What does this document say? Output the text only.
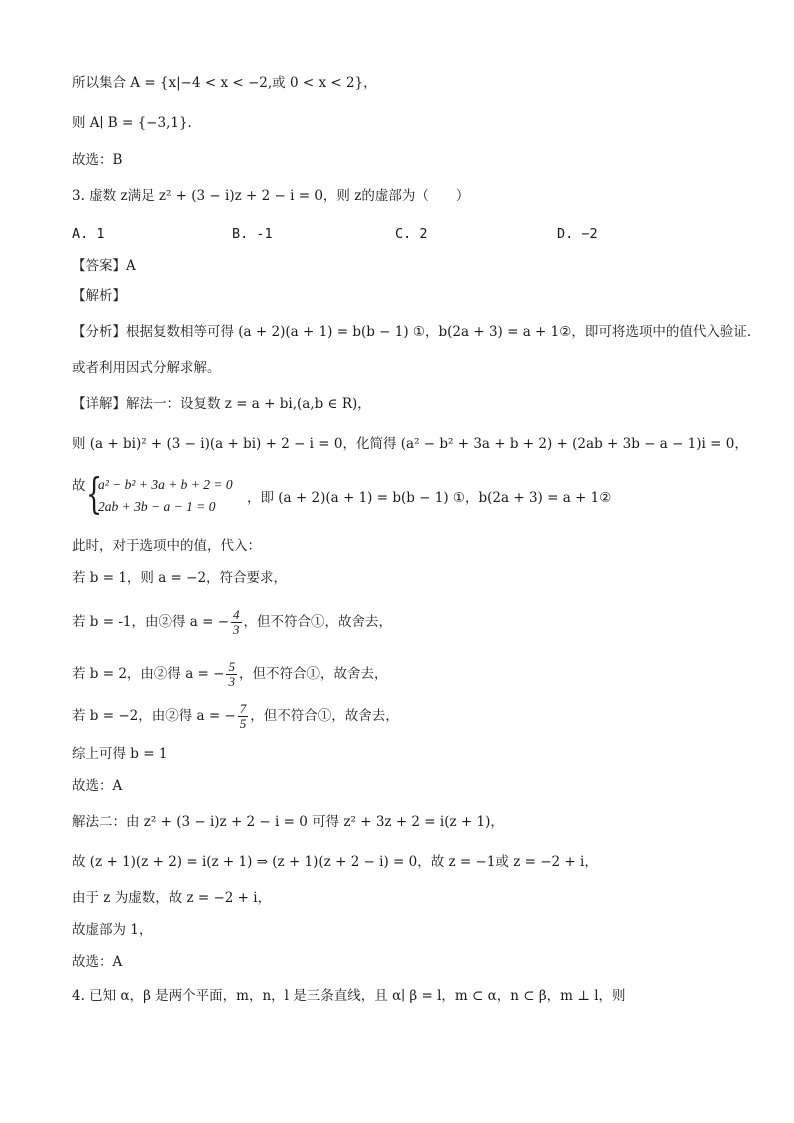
所以集合 A = {x|−4 < x < −2,或 0 < x < 2}，
则 A∣ B = {−3,1}.
故选：B
3. 虚数 z满足 z² + (3 − i)z + 2 − i = 0，则 z的虚部为（　　）
A. 1	B. -1	C. 2	D. −2
【答案】A
【解析】
【分析】根据复数相等可得 (a + 2)(a + 1) = b(b − 1) ①，b(2a + 3) = a + 1②，即可将选项中的值代入验证.
或者利用因式分解求解。
【详解】解法一：设复数 z = a + bi,(a,b ∈ R)，
则 (a + bi)² + (3 − i)(a + bi) + 2 − i = 0，化简得 (a² − b² + 3a + b + 2) + (2ab + 3b − a − 1)i = 0，
故 {
a² − b² + 3a + b + 2 = 0
2ab + 3b − a − 1 = 0
，即 (a + 2)(a + 1) = b(b − 1) ①，b(2a + 3) = a + 1②
此时，对于选项中的值，代入：
若 b = 1，则 a = −2，符合要求，
若 b = -1，由②得 a = − $\frac{4}{3}$ ，但不符合①，故舍去，
若 b = 2，由②得 a = − $\frac{5}{3}$ ，但不符合①，故舍去，
若 b = −2，由②得 a = − $\frac{7}{5}$ ，但不符合①，故舍去，
综上可得 b = 1
故选：A
解法二：由 z² + (3 − i)z + 2 − i = 0 可得 z² + 3z + 2 = i(z + 1)，
故 (z + 1)(z + 2) = i(z + 1) ⇒ (z + 1)(z + 2 − i) = 0，故 z = −1或 z = −2 + i，
由于 z 为虚数，故 z = −2 + i，
故虚部为 1，
故选：A
4. 已知 α，β 是两个平面，m，n，l 是三条直线，且 α∣ β = l，m ⊂ α，n ⊂ β，m ⊥ l，则
